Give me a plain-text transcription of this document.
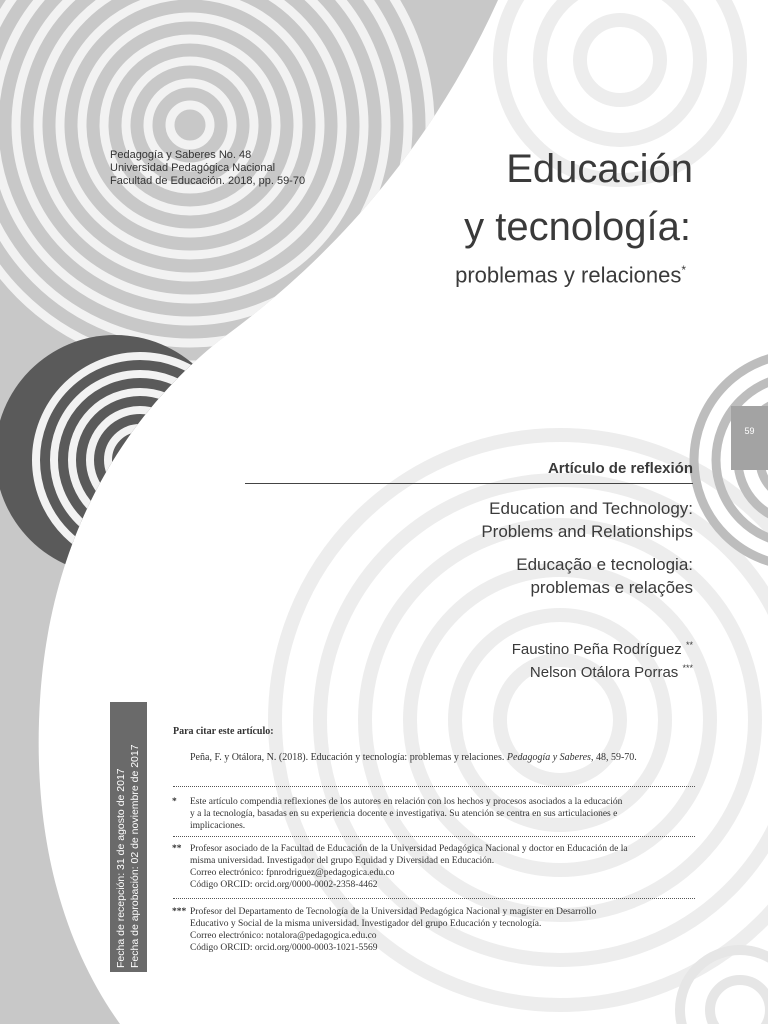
Pedagogía y Saberes No. 48
Universidad Pedagógica Nacional
Facultad de Educación. 2018, pp. 59-70	Educación
y tecnología:
problemas y relaciones*
59
Artículo de reflexión
Education and Technology:
Problems and Relationships
Educação e tecnologia:
problemas e relações
Faustino Peña Rodríguez **
Nelson Otálora Porras ***
Fecha de recepción: 31 de agosto de 2017 Fecha de aprobación: 02 de noviembre de 2017
Para citar este artículo:
Peña, F. y Otálora, N. (2018). Educación y tecnología: problemas y relaciones. Pedagogía y Saberes, 48, 59-70.
* Este artículo compendia reflexiones de los autores en relación con los hechos y procesos asociados a la educación
y a la tecnología, basadas en su experiencia docente e investigativa. Su atención se centra en sus articulaciones e
implicaciones.
** Profesor asociado de la Facultad de Educación de la Universidad Pedagógica Nacional y doctor en Educación de la
misma universidad. Investigador del grupo Equidad y Diversidad en Educación.
Correo electrónico: fpnrodriguez@pedagogica.edu.co
Código ORCID: orcid.org/0000-0002-2358-4462
*** Profesor del Departamento de Tecnología de la Universidad Pedagógica Nacional y magíster en Desarrollo
Educativo y Social de la misma universidad. Investigador del grupo Educación y tecnología.
Correo electrónico: notalora@pedagogica.edu.co
Código ORCID: orcid.org/0000-0003-1021-5569
